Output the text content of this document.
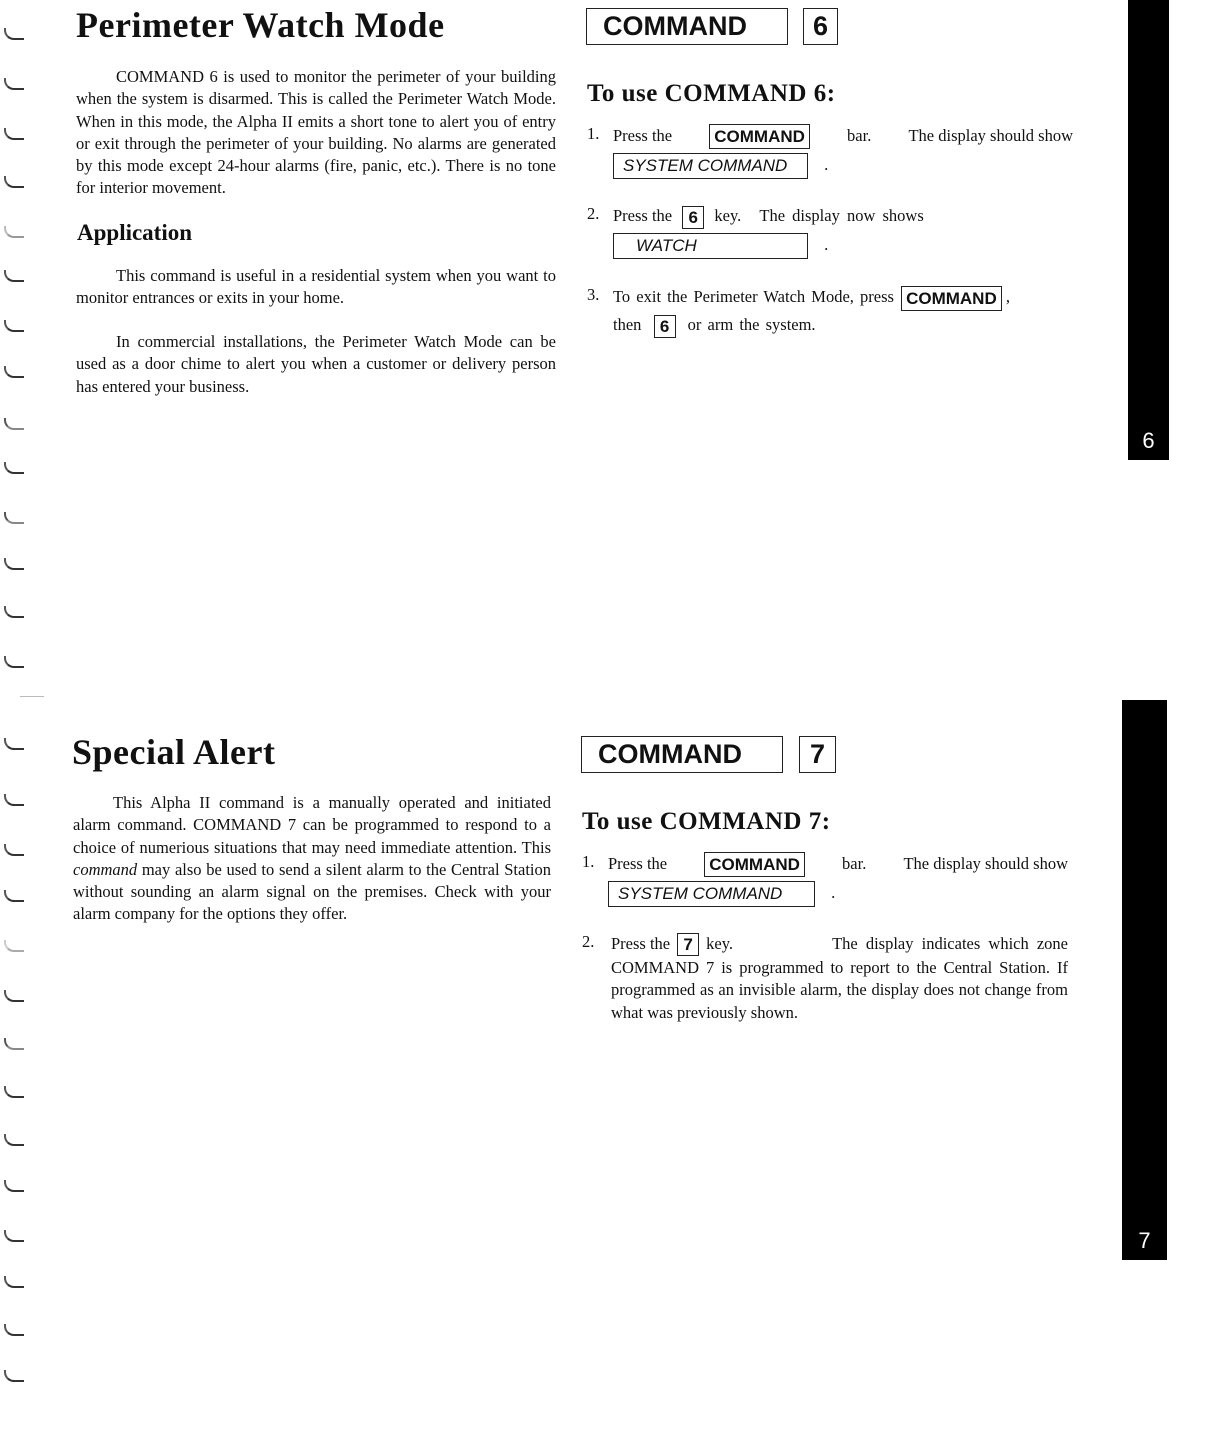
Perimeter Watch Mode

COMMAND 6 is used to monitor the perimeter of your building when the system is disarmed. This is called the Perimeter Watch Mode. When in this mode, the Alpha II emits a short tone to alert you of entry or exit through the perimeter of your building. No alarms are generated by this mode except 24-hour alarms (fire, panic, etc.). There is no tone for interior movement.

Application

This command is useful in a residential system when you want to monitor entrances or exits in your home.

In commercial installations, the Perimeter Watch Mode can be used as a door chime to alert you when a customer or delivery person has entered your business.

COMMAND	6
To use COMMAND 6:
1. Press the COMMAND	bar. The display should show
SYSTEM COMMAND .
2. Press the 6 key. The display now shows
WATCH	.
3. To exit the Perimeter Watch Mode, press COMMAND ,
then 6 or arm the system.
6
Special Alert

This Alpha II command is a manually operated and initiated alarm command. COMMAND 7 can be programmed to respond to a choice of numerious situations that may need immediate attention. This command may also be used to send a silent alarm to the Central Station without sounding an alarm signal on the premises. Check with your alarm company for the options they offer.

COMMAND	7
To use COMMAND 7:
1. Press the COMMAND	bar. The display should show
SYSTEM COMMAND	.
2. Press the 7 key.	The display indicates which zone

COMMAND 7 is programmed to report to the Central Station. If programmed as an invisible alarm, the display does not change from what was previously shown.

7
